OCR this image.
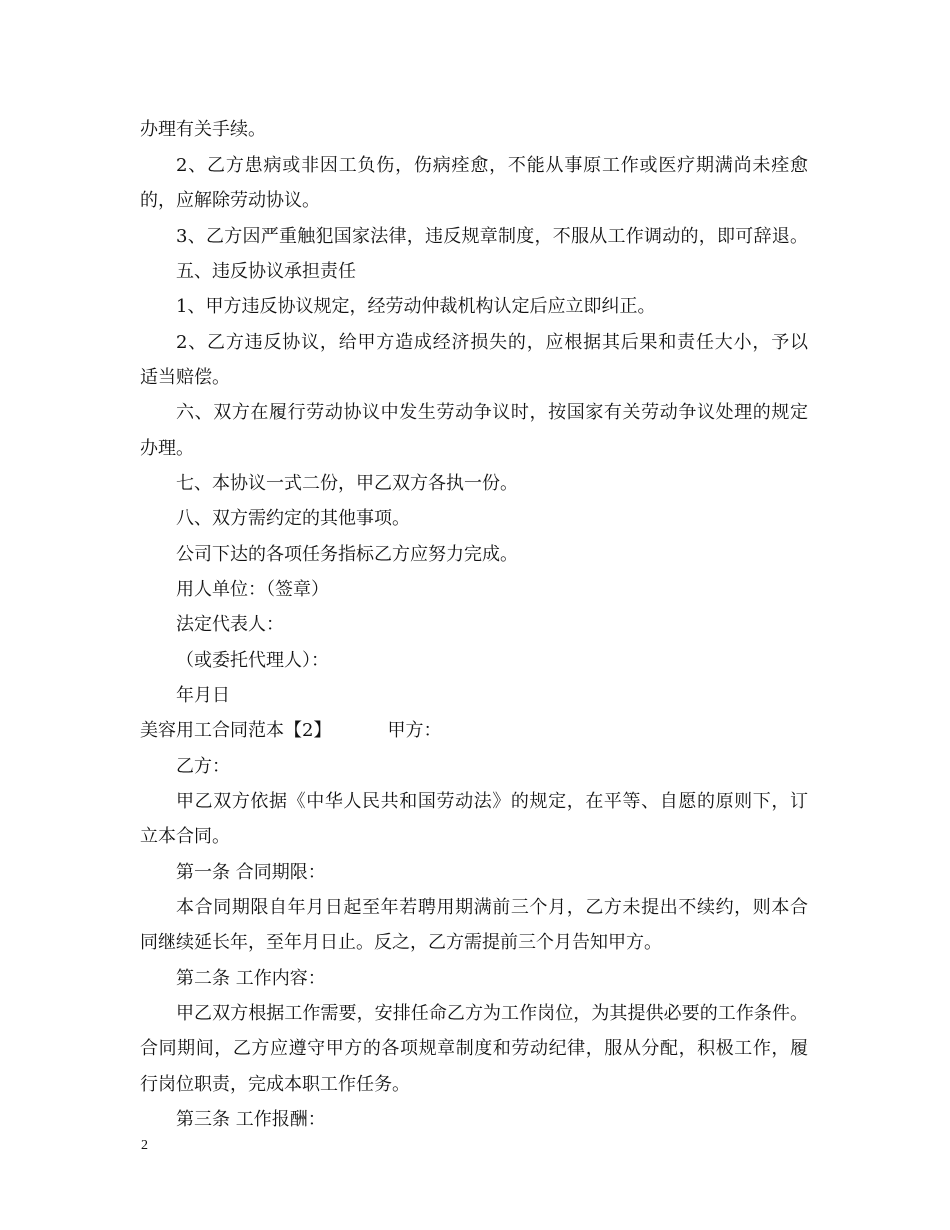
办理有关手续。
2、乙方患病或非因工负伤，伤病痊愈，不能从事原工作或医疗期满尚未痊愈
的，应解除劳动协议。
3、乙方因严重触犯国家法律，违反规章制度，不服从工作调动的，即可辞退。
五、违反协议承担责任
1、甲方违反协议规定，经劳动仲裁机构认定后应立即纠正。
2、乙方违反协议，给甲方造成经济损失的，应根据其后果和责任大小，予以
适当赔偿。
六、双方在履行劳动协议中发生劳动争议时，按国家有关劳动争议处理的规定
办理。
七、本协议一式二份，甲乙双方各执一份。
八、双方需约定的其他事项。
公司下达的各项任务指标乙方应努力完成。
用人单位：（签章）
法定代表人：
（或委托代理人）：
年月日
美容用工合同范本【2】	甲方：
乙方：
甲乙双方依据《中华人民共和国劳动法》的规定，在平等、自愿的原则下，订
立本合同。
第一条 合同期限：
本合同期限自年月日起至年若聘用期满前三个月，乙方未提出不续约，则本合
同继续延长年，至年月日止。反之，乙方需提前三个月告知甲方。
第二条 工作内容：
甲乙双方根据工作需要，安排任命乙方为工作岗位，为其提供必要的工作条件。
合同期间，乙方应遵守甲方的各项规章制度和劳动纪律，服从分配，积极工作，履
行岗位职责，完成本职工作任务。
第三条 工作报酬：
2
